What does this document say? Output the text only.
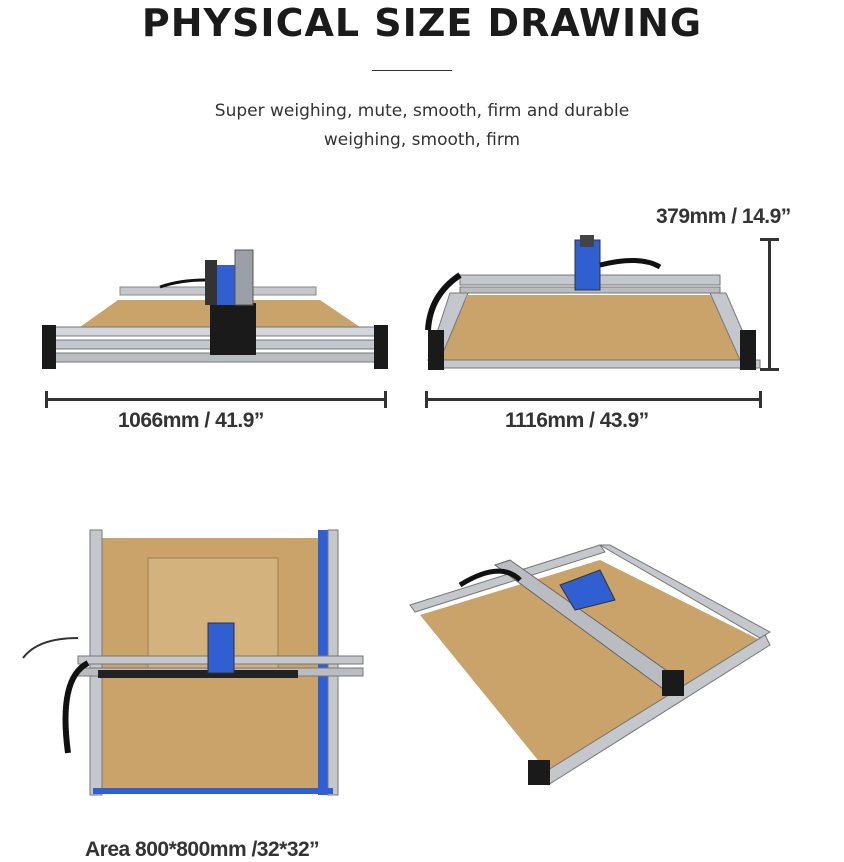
PHYSICAL SIZE DRAWING
Super weighing, mute, smooth, firm and durable
weighing, smooth, firm
1066mm / 41.9”	1116mm / 43.9”
379mm / 14.9”
Area 800*800mm /32*32”
